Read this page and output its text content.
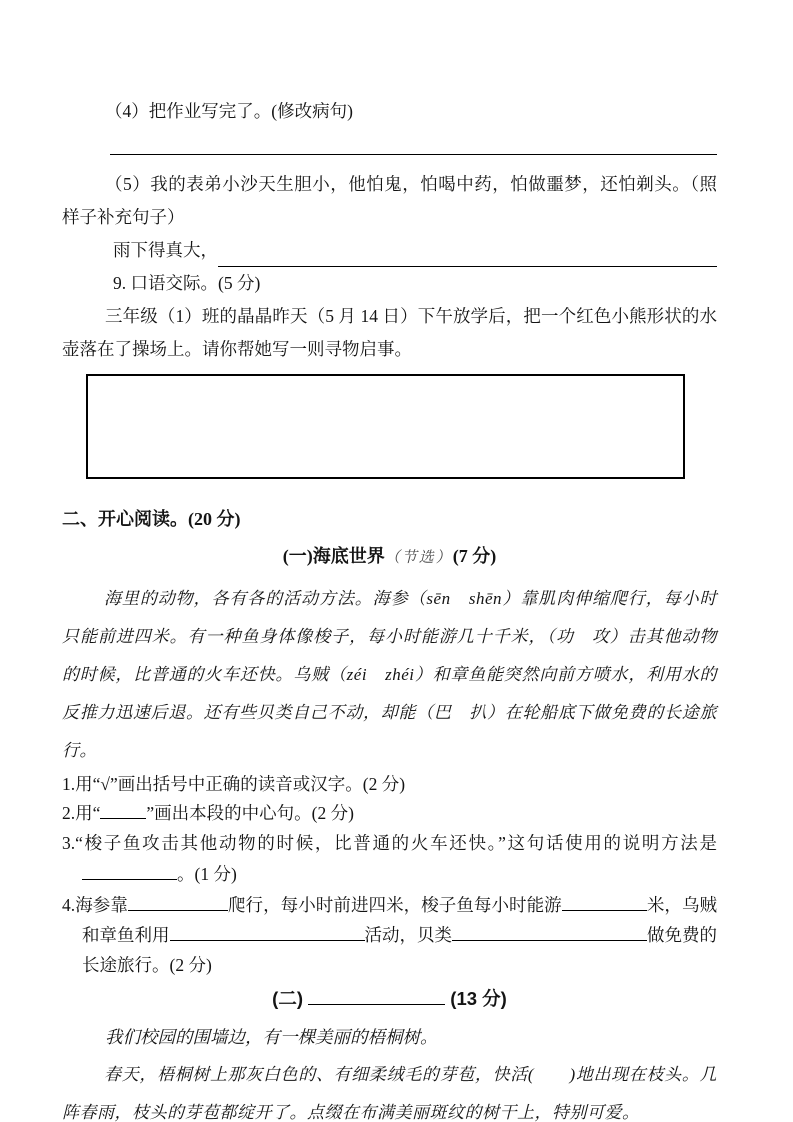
（4）把作业写完了。(修改病句)

（5）我的表弟小沙天生胆小，他怕鬼，怕喝中药，怕做噩梦，还怕剃头。（照样子补充句子）

雨下得真大，

9. 口语交际。(5 分)

三年级（1）班的晶晶昨天（5 月 14 日）下午放学后，把一个红色小熊形状的水壶落在了操场上。请你帮她写一则寻物启事。

二、开心阅读。(20 分)

(一)海底世界（节选）(7 分)

海里的动物，各有各的活动方法。海参（sēn　shēn）靠肌肉伸缩爬行，每小时只能前进四米。有一种鱼身体像梭子，每小时能游几十千米，（功　攻）击其他动物的时候，比普通的火车还快。乌贼（zéi　zhéi）和章鱼能突然向前方喷水，利用水的反推力迅速后退。还有些贝类自己不动，却能（巴　扒）在轮船底下做免费的长途旅行。

1.用“√”画出括号中正确的读音或汉字。(2 分)

2.用“	”画出本段的中心句。(2 分)

3.“梭子鱼攻击其他动物的时候，比普通的火车还快。”这句话使用的说明方法是。(1 分)

4.海参靠	爬行，每小时前进四米，梭子鱼每小时能游	米，乌贼和章鱼利用	活动，贝类	做免费的长途旅行。(2 分)

(二)	(13 分)

我们校园的围墙边，有一棵美丽的梧桐树。

春天，梧桐树上那灰白色的、有细柔绒毛的芽苞，快活(　　)地出现在枝头。几阵春雨，枝头的芽苞都绽开了。点缀在布满美丽斑纹的树干上，特别可爱。
